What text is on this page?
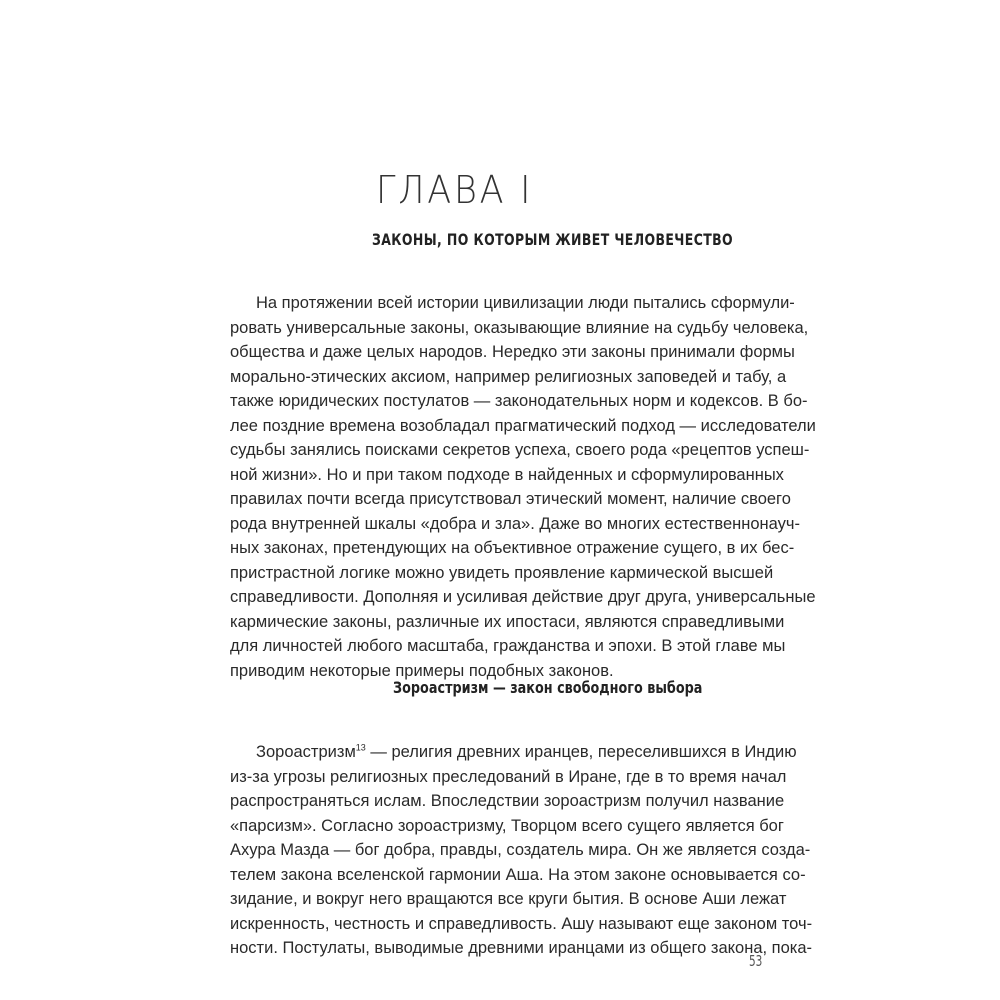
ГЛАВА I
ЗАКОНЫ, ПО КОТОРЫМ ЖИВЕТ ЧЕЛОВЕЧЕСТВО
На протяжении всей истории цивилизации люди пытались сформули-
ровать универсальные законы, оказывающие влияние на судьбу человека,
общества и даже целых народов. Нередко эти законы принимали формы
морально-этических аксиом, например религиозных заповедей и табу, а
также юридических постулатов — законодательных норм и кодексов. В бо-
лее поздние времена возобладал прагматический подход — исследователи
судьбы занялись поисками секретов успеха, своего рода «рецептов успеш-
ной жизни». Но и при таком подходе в найденных и сформулированных
правилах почти всегда присутствовал этический момент, наличие своего
рода внутренней шкалы «добра и зла». Даже во многих естественнонауч-
ных законах, претендующих на объективное отражение сущего, в их бес-
пристрастной логике можно увидеть проявление кармической высшей
справедливости. Дополняя и усиливая действие друг друга, универсальные
кармические законы, различные их ипостаси, являются справедливыми
для личностей любого масштаба, гражданства и эпохи. В этой главе мы
приводим некоторые примеры подобных законов.
Зороастризм — закон свободного выбора
Зороастризм$^{13}$ — религия древних иранцев, переселившихся в Индию
из-за угрозы религиозных преследований в Иране, где в то время начал
распространяться ислам. Впоследствии зороастризм получил название
«парсизм». Согласно зороастризму, Творцом всего сущего является бог
Ахура Мазда — бог добра, правды, создатель мира. Он же является созда-
телем закона вселенской гармонии Аша. На этом законе основывается со-
зидание, и вокруг него вращаются все круги бытия. В основе Аши лежат
искренность, честность и справедливость. Ашу называют еще законом точ-
ности. Постулаты, выводимые древними иранцами из общего закона, пока-
53
